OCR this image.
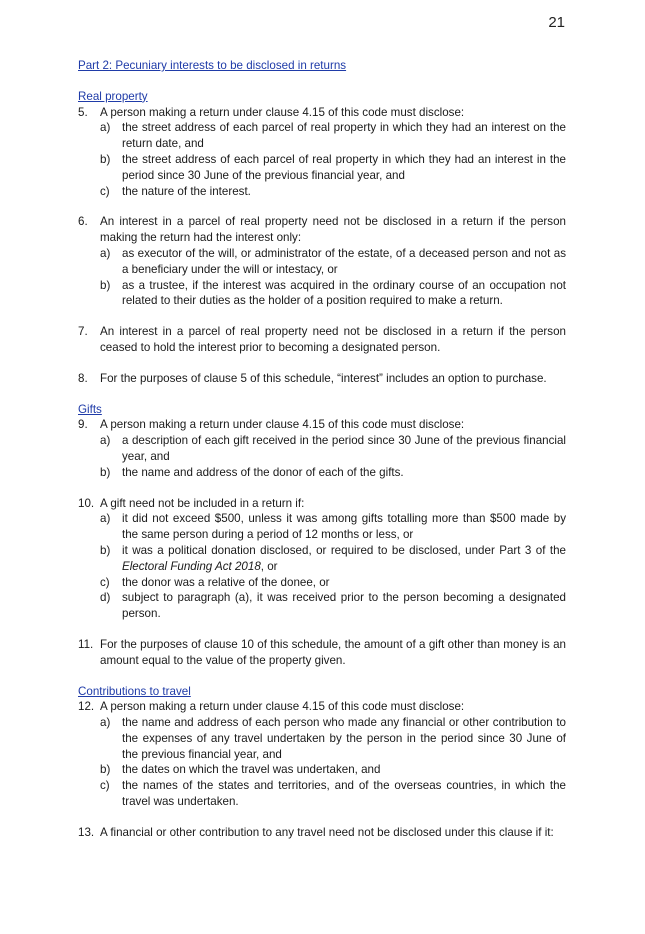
21

Part 2: Pecuniary interests to be disclosed in returns

Real property

5. A person making a return under clause 4.15 of this code must disclose:
a) the street address of each parcel of real property in which they had an interest on the return date, and
b) the street address of each parcel of real property in which they had an interest in the period since 30 June of the previous financial year, and
c) the nature of the interest.
6. An interest in a parcel of real property need not be disclosed in a return if the person making the return had the interest only:
a) as executor of the will, or administrator of the estate, of a deceased person and not as a beneficiary under the will or intestacy, or
b) as a trustee, if the interest was acquired in the ordinary course of an occupation not related to their duties as the holder of a position required to make a return.
7. An interest in a parcel of real property need not be disclosed in a return if the person ceased to hold the interest prior to becoming a designated person.
8. For the purposes of clause 5 of this schedule, “interest” includes an option to purchase.

Gifts

9. A person making a return under clause 4.15 of this code must disclose:
a) a description of each gift received in the period since 30 June of the previous financial year, and
b) the name and address of the donor of each of the gifts.
10. A gift need not be included in a return if:
a) it did not exceed $500, unless it was among gifts totalling more than $500 made by the same person during a period of 12 months or less, or
b) it was a political donation disclosed, or required to be disclosed, under Part 3 of the Electoral Funding Act 2018, or
c) the donor was a relative of the donee, or
d) subject to paragraph (a), it was received prior to the person becoming a designated person.
11. For the purposes of clause 10 of this schedule, the amount of a gift other than money is an amount equal to the value of the property given.

Contributions to travel

12. A person making a return under clause 4.15 of this code must disclose:
a) the name and address of each person who made any financial or other contribution to the expenses of any travel undertaken by the person in the period since 30 June of the previous financial year, and
b) the dates on which the travel was undertaken, and
c) the names of the states and territories, and of the overseas countries, in which the travel was undertaken.
13. A financial or other contribution to any travel need not be disclosed under this clause if it:
